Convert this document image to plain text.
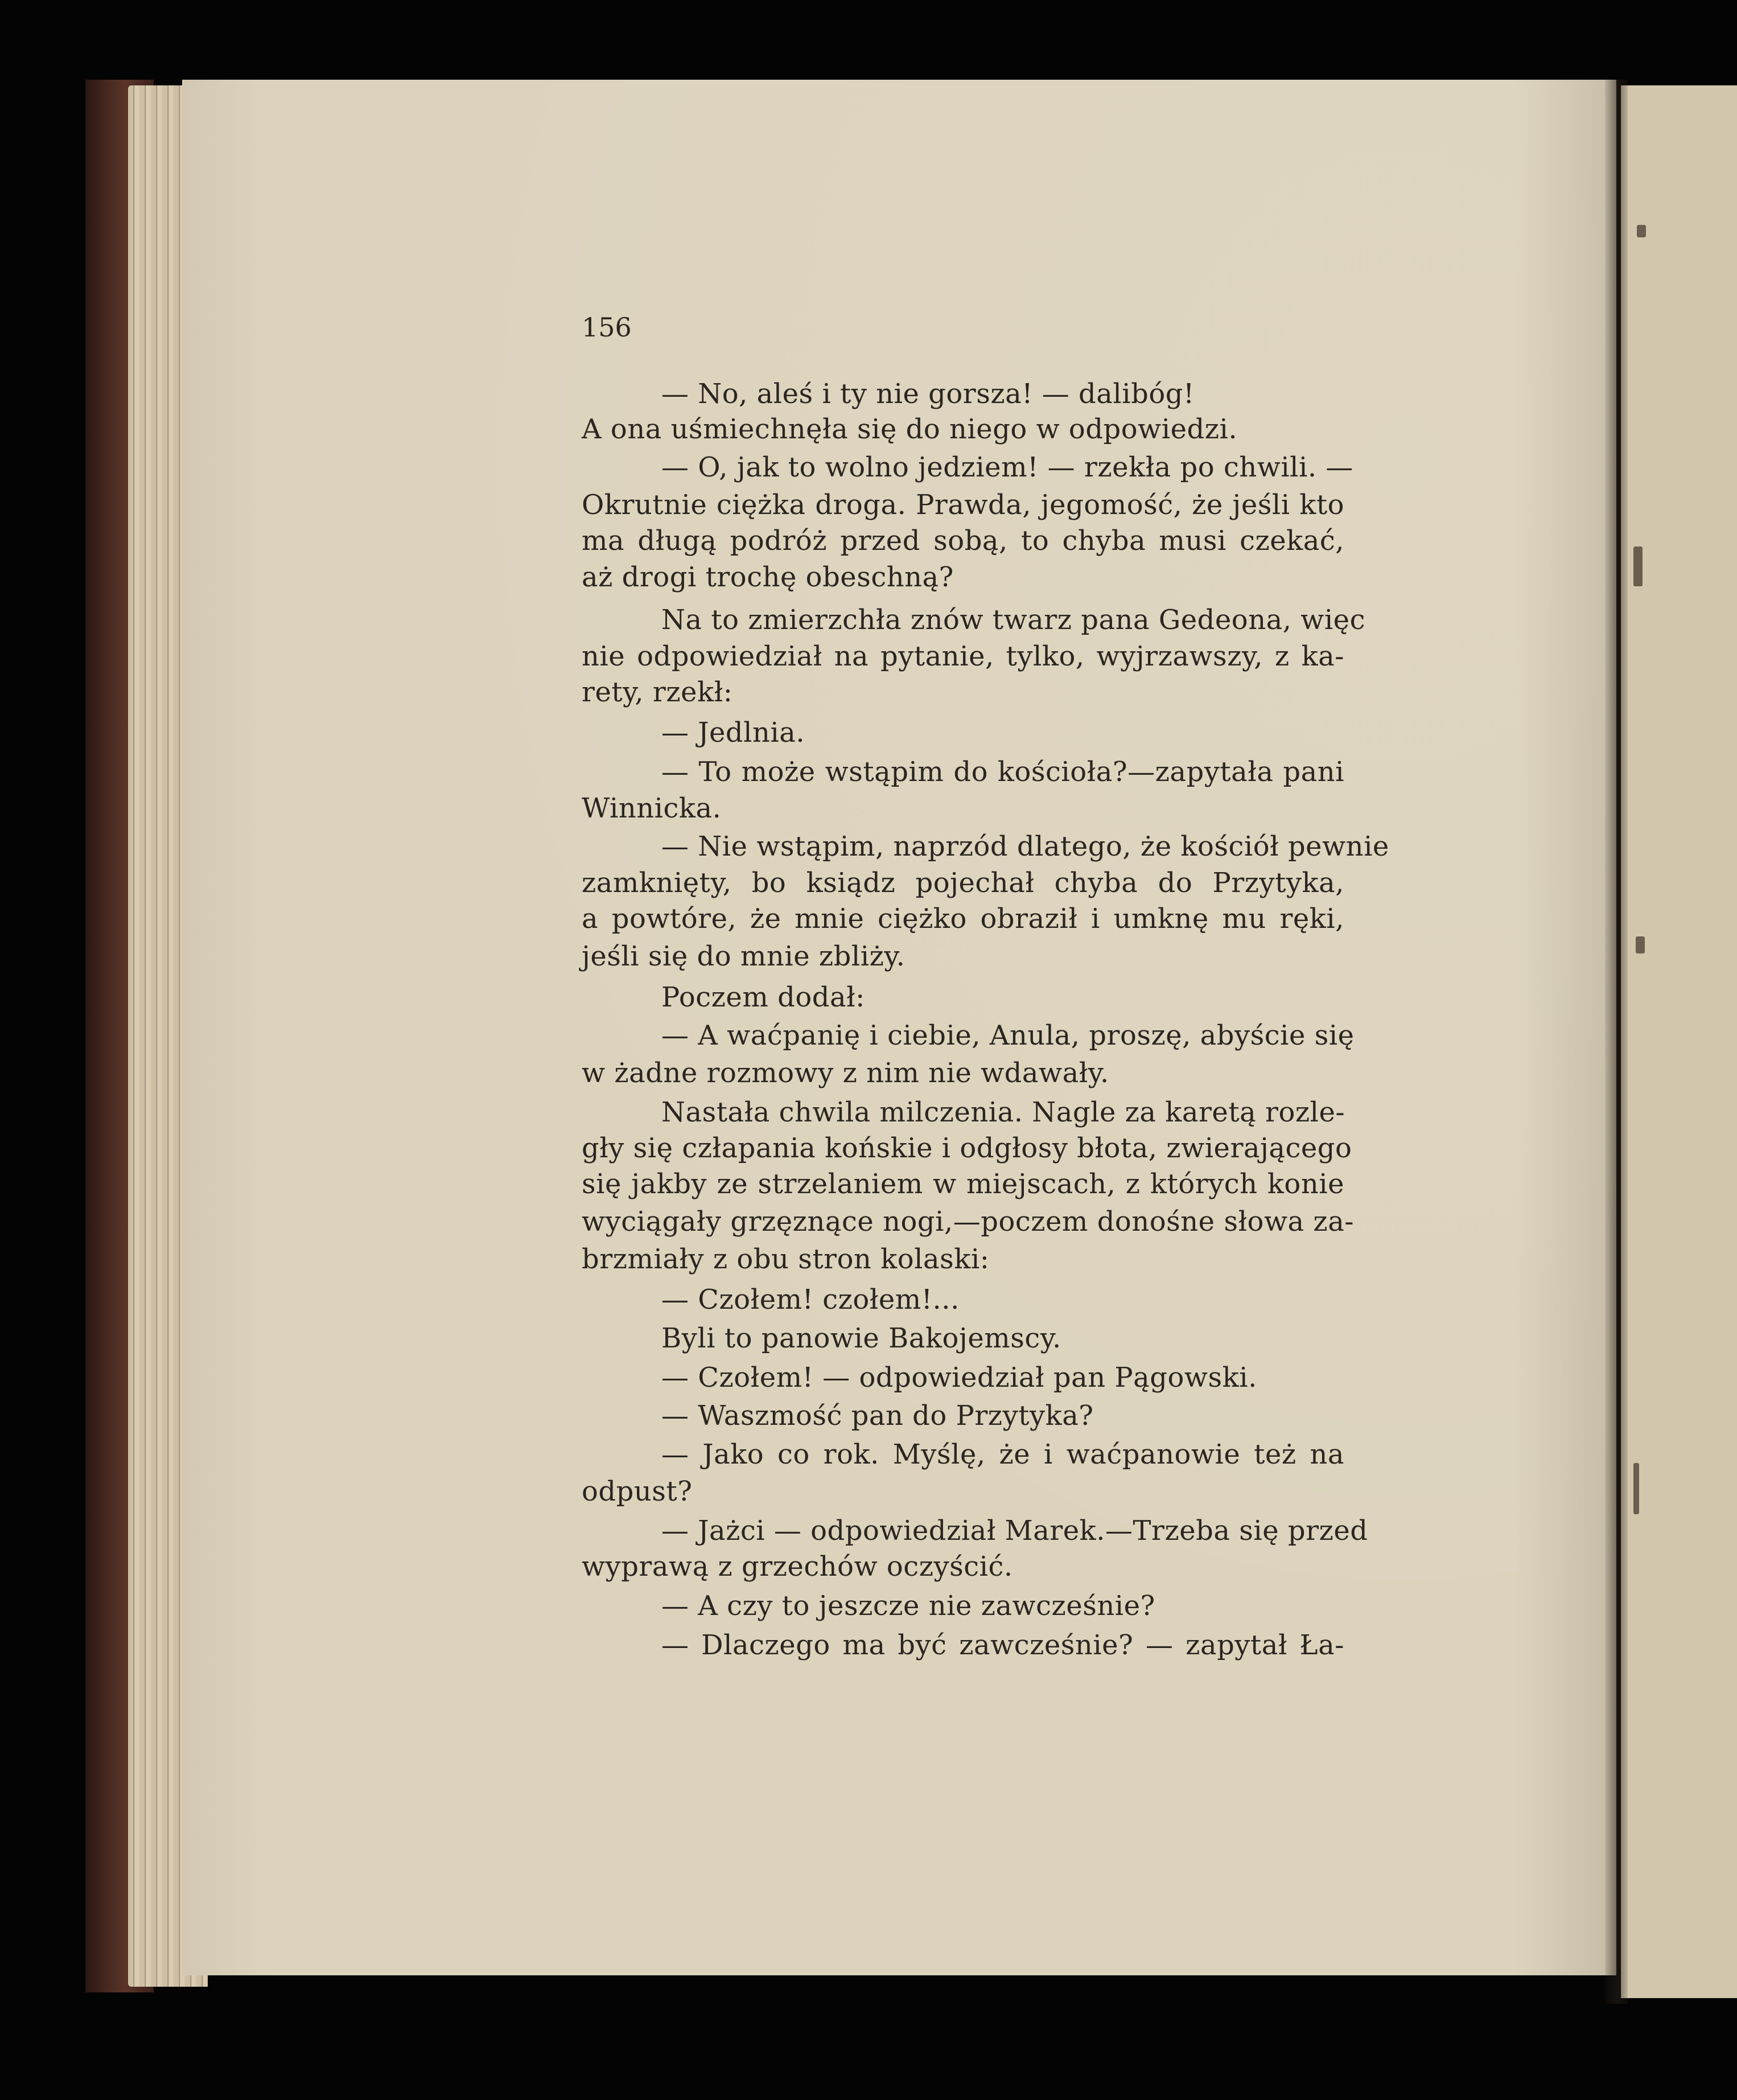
156
— No, aleś i ty nie gorsza! — dalibóg!
A ona uśmiechnęła się do niego w odpowiedzi.
— O, jak to wolno jedziem! — rzekła po chwili. —
Okrutnie ciężka droga. Prawda, jegomość, że jeśli kto
ma długą podróż przed sobą, to chyba musi czekać,
aż drogi trochę obeschną?
Na to zmierzchła znów twarz pana Gedeona, więc
nie odpowiedział na pytanie, tylko, wyjrzawszy, z ka-
rety, rzekł:
— Jedlnia.
— To może wstąpim do kościoła?—zapytała pani
Winnicka.
— Nie wstąpim, naprzód dlatego, że kościół pewnie
zamknięty, bo ksiądz pojechał chyba do Przytyka,
a powtóre, że mnie ciężko obraził i umknę mu ręki,
jeśli się do mnie zbliży.
Poczem dodał:
— A waćpanię i ciebie, Anula, proszę, abyście się
w żadne rozmowy z nim nie wdawały.
Nastała chwila milczenia. Nagle za karetą rozle-
gły się człapania końskie i odgłosy błota, zwierającego
się jakby ze strzelaniem w miejscach, z których konie
wyciągały grzęznące nogi,—poczem donośne słowa za-
brzmiały z obu stron kolaski:
— Czołem! czołem!...
Byli to panowie Bakojemscy.
— Czołem! — odpowiedział pan Pągowski.
— Waszmość pan do Przytyka?
— Jako co rok. Myślę, że i waćpanowie też na
odpust?
— Jażci — odpowiedział Marek.—Trzeba się przed
wyprawą z grzechów oczyścić.
— A czy to jeszcze nie zawcześnie?
— Dlaczego ma być zawcześnie? — zapytał Ła-
